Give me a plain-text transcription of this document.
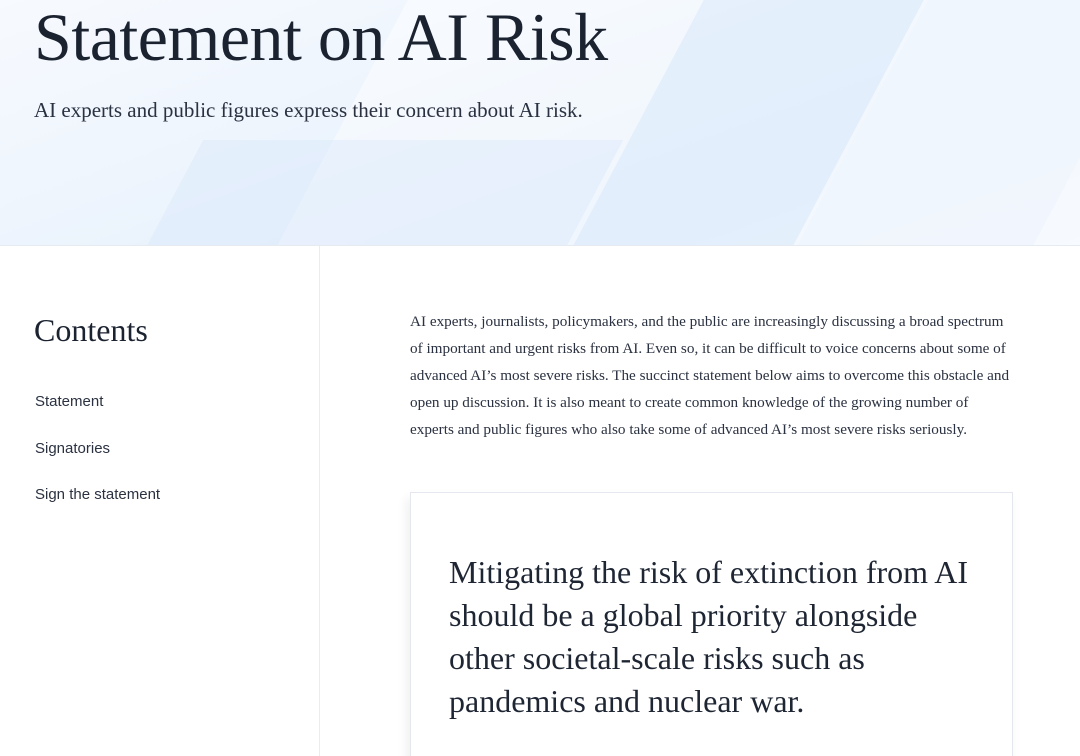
Statement on AI Risk

AI experts and public figures express their concern about AI risk.

Contents
Statement
Signatories
Sign the statement

AI experts, journalists, policymakers, and the public are increasingly discussing a broad spectrum of important and urgent risks from AI. Even so, it can be difficult to voice concerns about some of advanced AI’s most severe risks. The succinct statement below aims to overcome this obstacle and open up discussion. It is also meant to create common knowledge of the growing number of experts and public figures who also take some of advanced AI’s most severe risks seriously.

Mitigating the risk of extinction from AI should be a global priority alongside other societal-scale risks such as pandemics and nuclear war.
